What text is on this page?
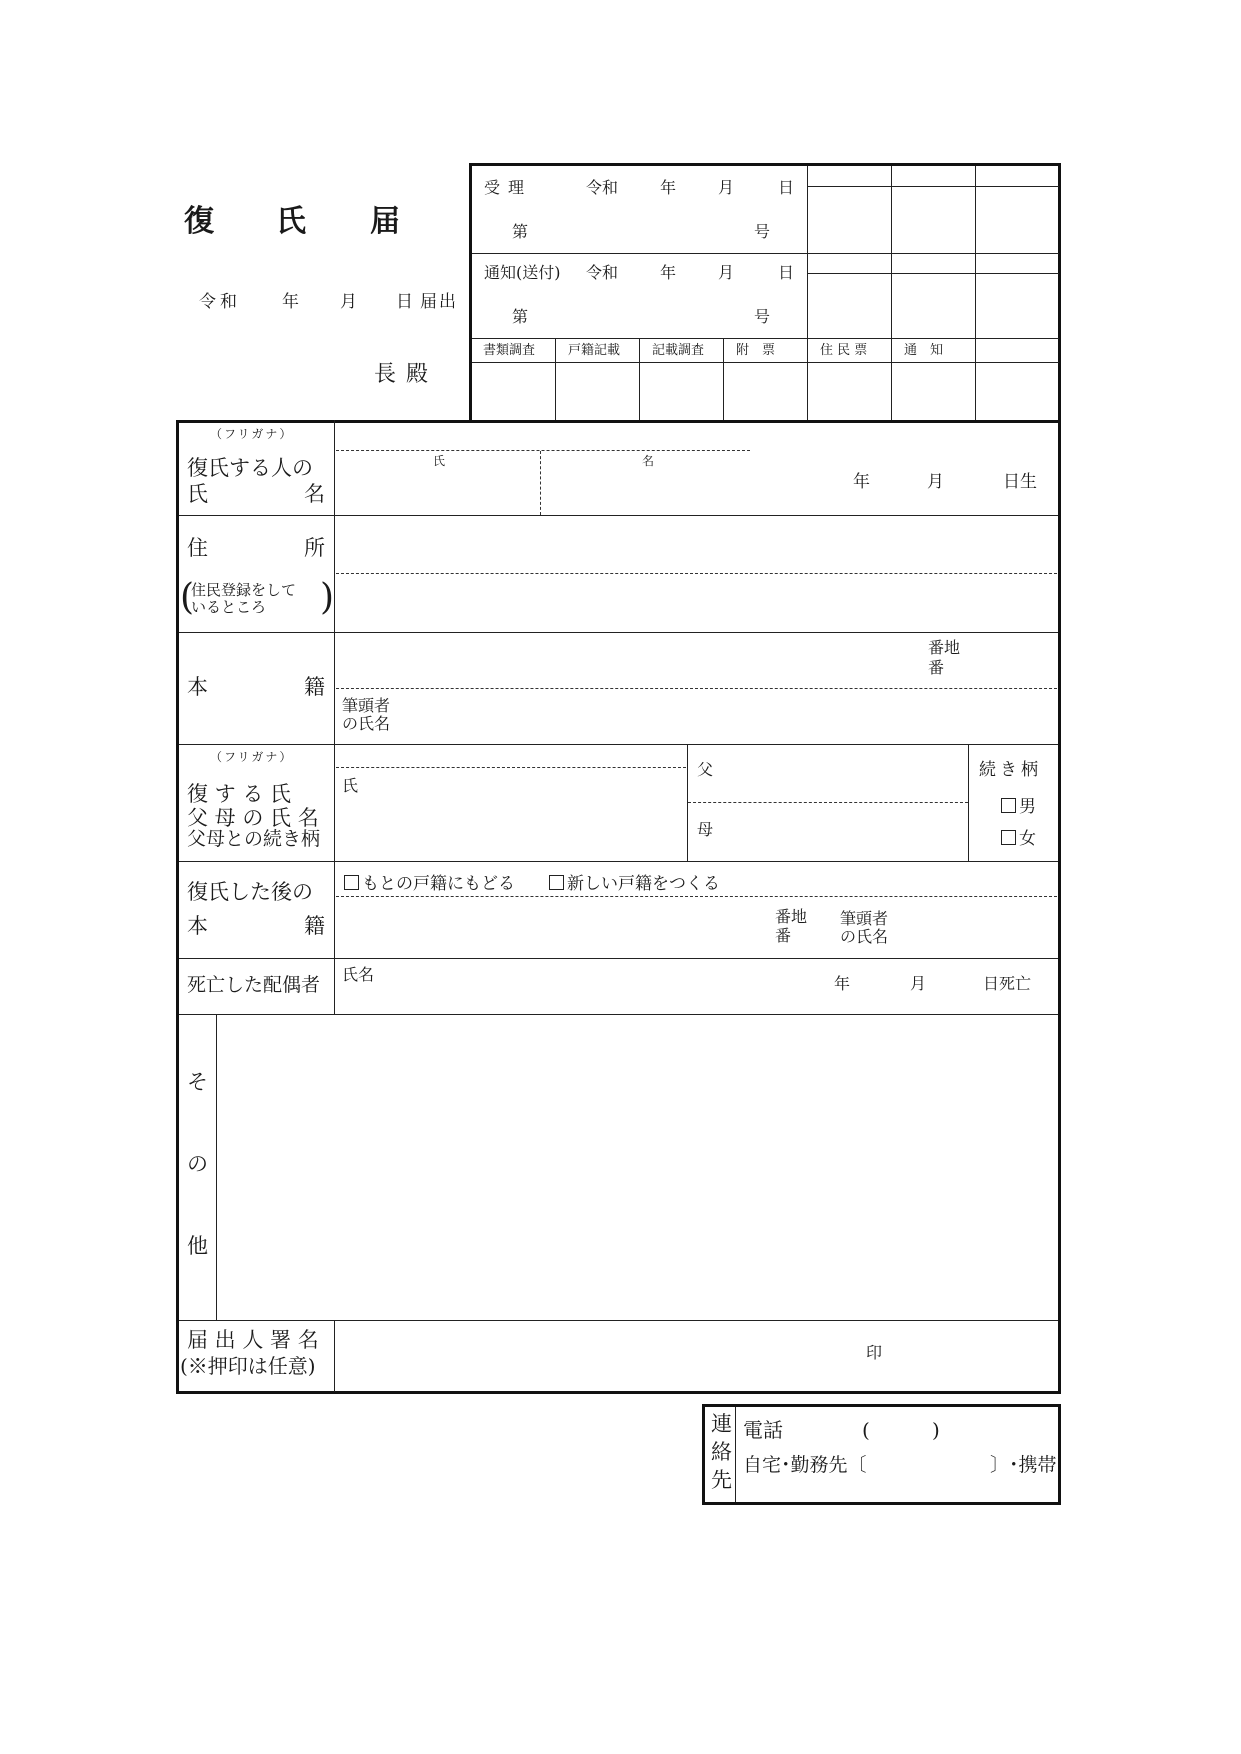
復 氏 届
令和 年 月 日 届出
長殿
受理	令和	年	月	日
第	号
通知(送付) 令和	年	月	日
第	号
書類調査	戸籍記載 記載調査 附　票	住 民 票	通　知
（フリガナ）
復氏する人の
氏	名
氏	名
年	月	日生
住	所
(
住民登録をして
いるところ )
本	籍
番地
番
筆頭者
の氏名
（フリガナ）
復 す る 氏
父 母 の 氏 名
父母との続き柄
氏
父
母
続き柄
男
女
復氏した後の
本	籍
もとの戸籍にもどる	新しい戸籍をつくる
番地
番
筆頭者
の氏名
死亡した配偶者 氏名	年	月	日死亡
そ
の
他
届 出 人 署 名
(※押印は任意)
印
連
絡
先
電話	(	)
自宅･勤務先〔	〕･携帯
